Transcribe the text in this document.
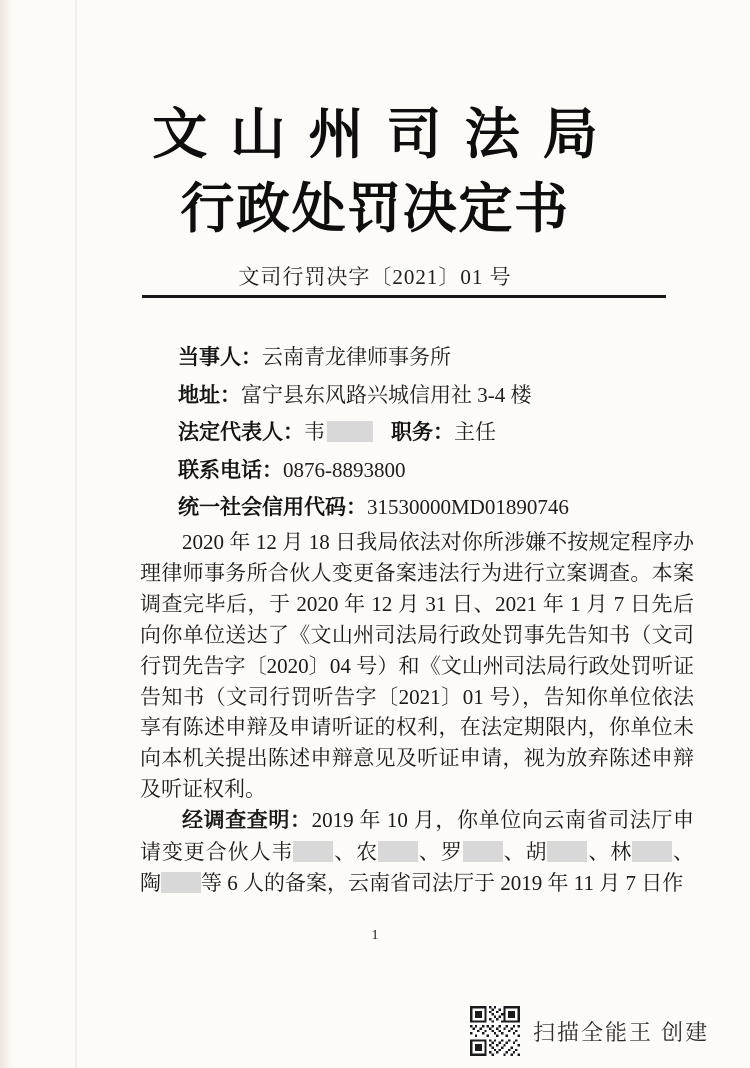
文山州司法局
行政处罚决定书
文司行罚决字〔2021〕01 号
当事人：云南青龙律师事务所
地址：富宁县东风路兴城信用社 3-4 楼
法定代表人：韦	职务：主任
联系电话：0876-8893800
统一社会信用代码：31530000MD01890746

2020 年 12 月 18 日我局依法对你所涉嫌不按规定程序办理律师事务所合伙人变更备案违法行为进行立案调查。本案调查完毕后，于 2020 年 12 月 31 日、2021 年 1 月 7 日先后向你单位送达了《文山州司法局行政处罚事先告知书（文司行罚先告字〔2020〕04 号）和《文山州司法局行政处罚听证告知书（文司行罚听告字〔2021〕01 号），告知你单位依法享有陈述申辩及申请听证的权利，在法定期限内，你单位未向本机关提出陈述申辩意见及听证申请，视为放弃陈述申辩及听证权利。

经调查查明：2019 年 10 月，你单位向云南省司法厅申请变更合伙人韦 、农 、罗 、胡 、林 、陶 等 6 人的备案，云南省司法厅于 2019 年 11 月 7 日作

1
扫描全能王 创建
